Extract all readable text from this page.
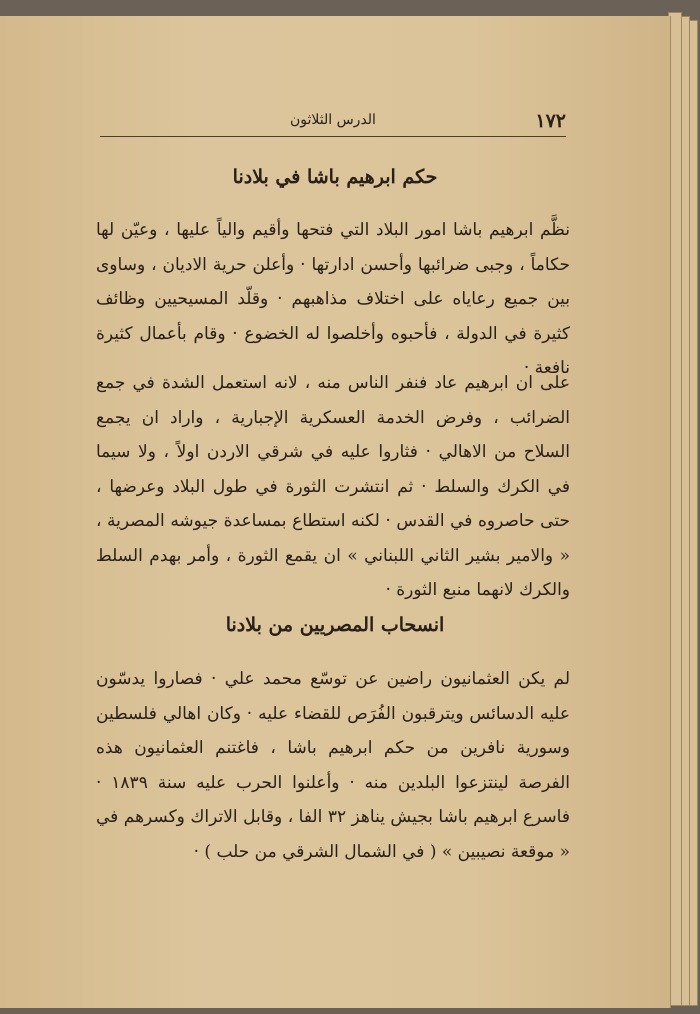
١٧٢
الدرس الثلاثون
حكم ابرهيم باشا في بلادنا
نظَّم ابرهيم باشا امور البلاد التي فتحها وأقيم والياً عليها ، وعيّن لها حكاماً ، وجبى ضرائبها وأحسن ادارتها · وأعلن حرية الاديان ، وساوى بين جميع رعاياه على اختلاف مذاهبهم · وقلّد المسيحيين وظائف كثيرة في الدولة ، فأحبوه وأخلصوا له الخضوع · وقام بأعمال كثيرة نافعة ·
على ان ابرهيم عاد فنفر الناس منه ، لانه استعمل الشدة في جمع الضرائب ، وفرض الخدمة العسكرية الإجبارية ، واراد ان يجمع السلاح من الاهالي · فثاروا عليه في شرقي الاردن اولاً ، ولا سيما في الكرك والسلط · ثم انتشرت الثورة في طول البلاد وعرضها ، حتى حاصروه في القدس · لكنه استطاع بمساعدة جيوشه المصرية ، « والامير بشير الثاني اللبناني » ان يقمع الثورة ، وأمر بهدم السلط والكرك لانهما منبع الثورة ·
انسحاب المصريين من بلادنا
لم يكن العثمانيون راضين عن توسّع محمد علي · فصاروا يدسّون عليه الدسائس ويترقبون الفُرَص للقضاء عليه · وكان اهالي فلسطين وسورية نافرين من حكم ابرهيم باشا ، فاغتنم العثمانيون هذه الفرصة لينتزعوا البلدين منه · وأعلنوا الحرب عليه سنة ١٨٣٩ · فاسرع ابرهيم باشا بجيش يناهز ٣٢ الفا ، وقابل الاتراك وكسرهم في « موقعة نصيبين » ( في الشمال الشرقي من حلب ) ·
